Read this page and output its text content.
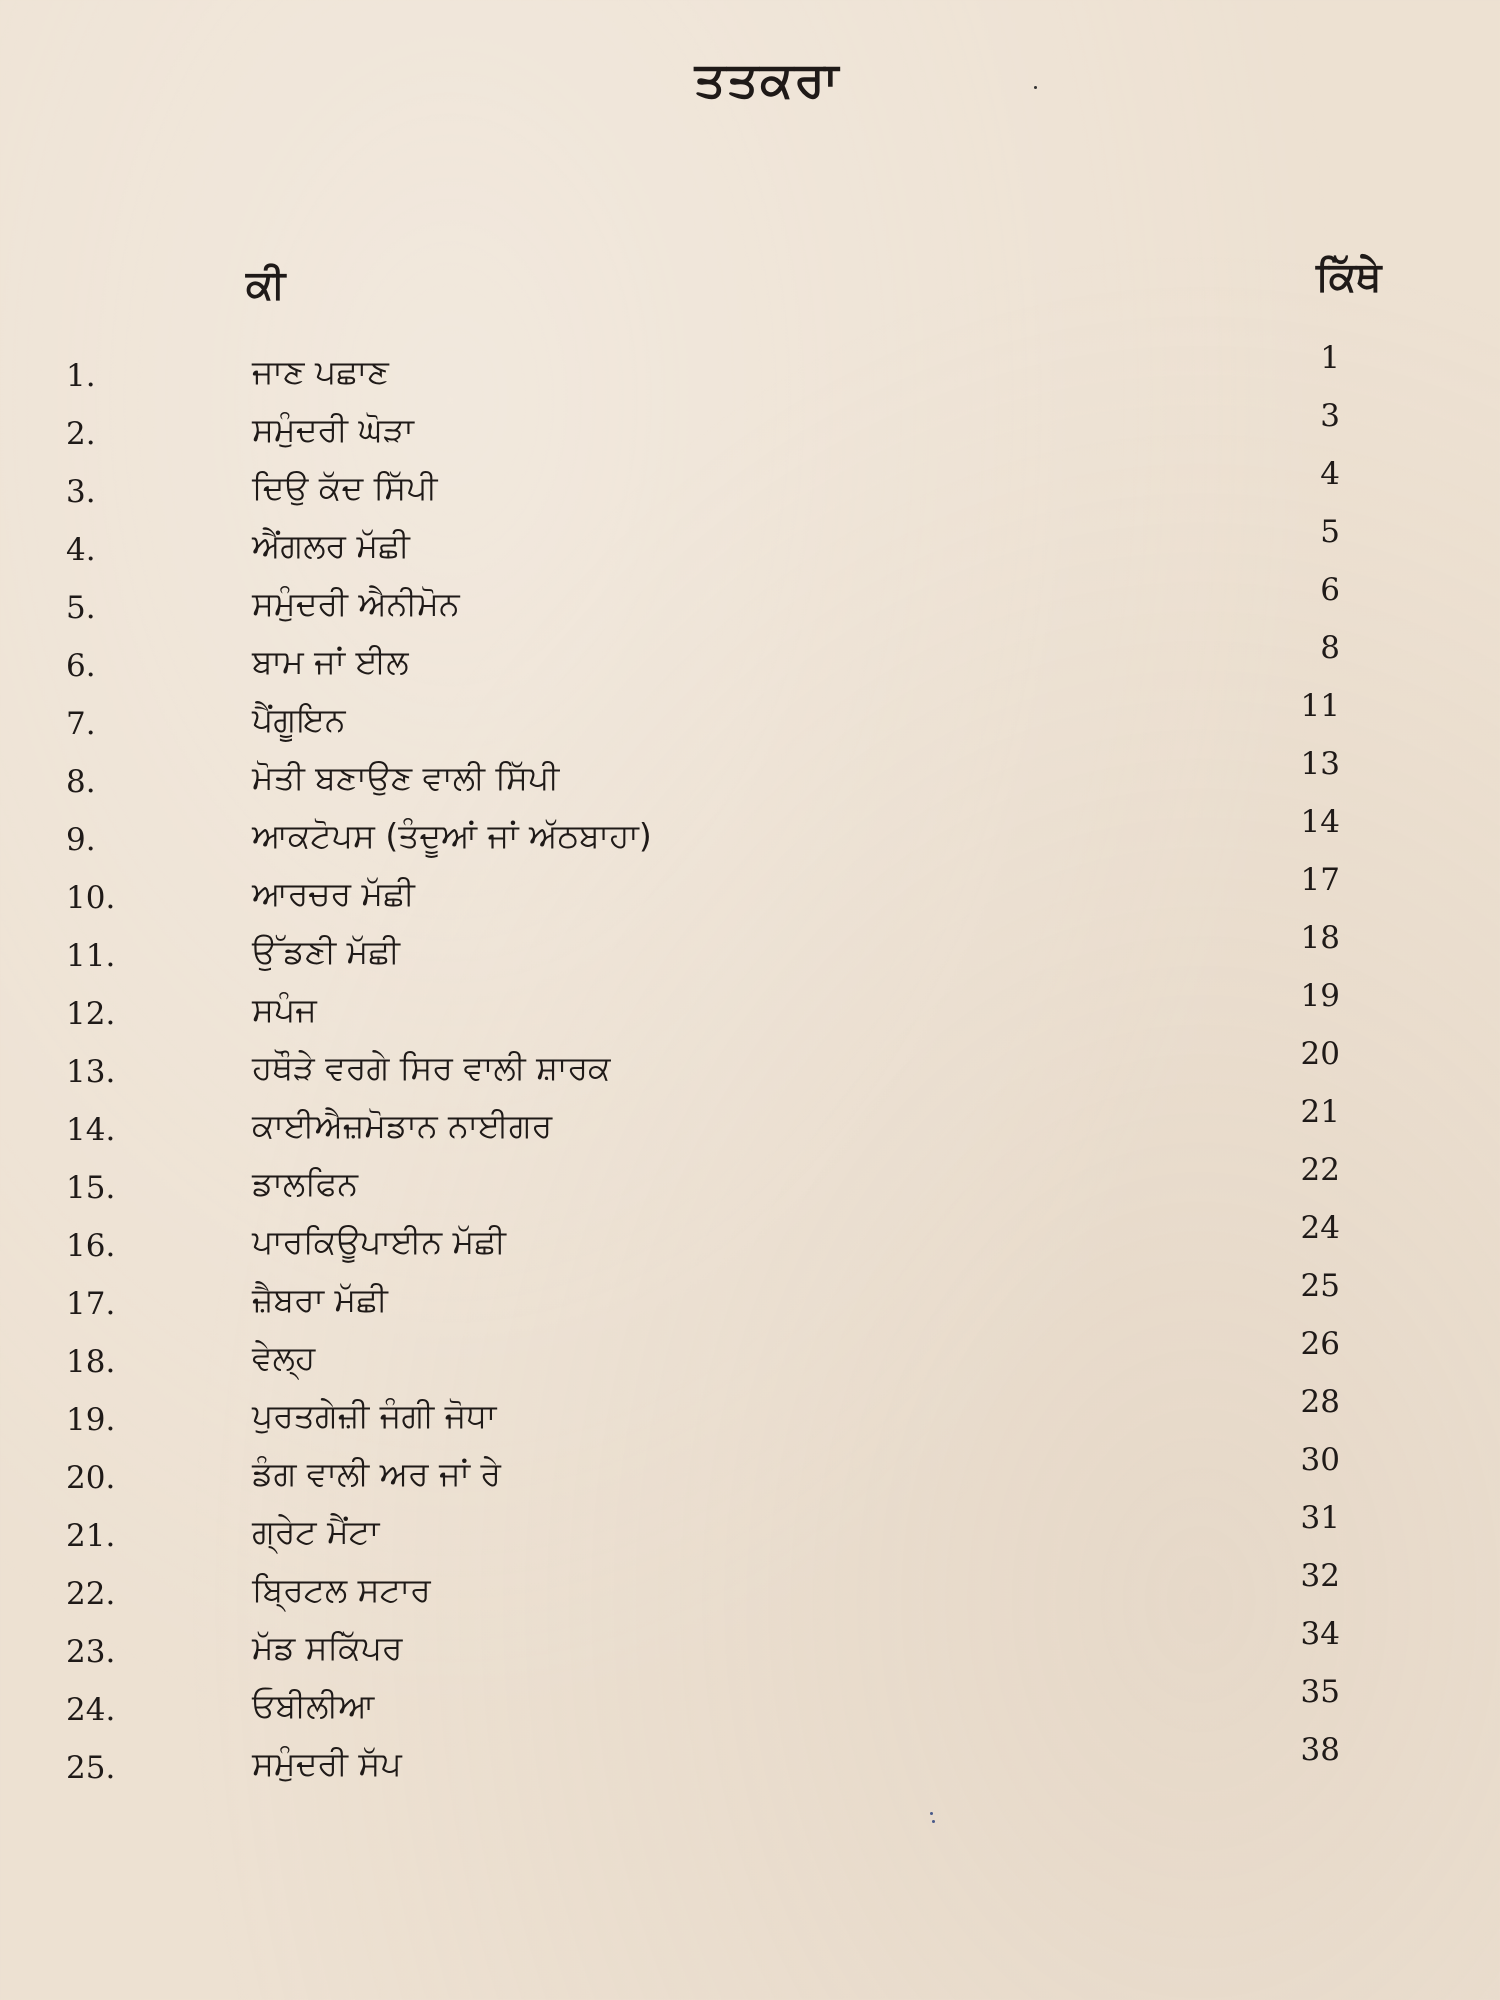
ਤਤਕਰਾ
ਕੀ	ਕਿੱਥੇ
1.	ਜਾਣ ਪਛਾਣ	1
2.	ਸਮੁੰਦਰੀ ਘੋੜਾ	3
3.	ਦਿਉ ਕੱਦ ਸਿੱਪੀ	4
4.	ਐਂਗਲਰ ਮੱਛੀ	5
5.	ਸਮੁੰਦਰੀ ਐਨੀਮੋਨ	6
6.	ਬਾਮ ਜਾਂ ਈਲ	8
7.	ਪੈਂਗੂਇਨ	11
8.	ਮੋਤੀ ਬਣਾਉਣ ਵਾਲੀ ਸਿੱਪੀ	13
9.	ਆਕਟੋਪਸ (ਤੰਦੂਆਂ ਜਾਂ ਅੱਠਬਾਹਾ)	14
10.	ਆਰਚਰ ਮੱਛੀ	17
11.	ਉੱਡਣੀ ਮੱਛੀ	18
12.	ਸਪੰਜ	19
13.	ਹਥੌੜੇ ਵਰਗੇ ਸਿਰ ਵਾਲੀ ਸ਼ਾਰਕ	20
14.	ਕਾਈਐਜ਼ਮੋਡਾਨ ਨਾਈਗਰ	21
15.	ਡਾਲਫਿਨ	22
16.	ਪਾਰਕਿਊਪਾਈਨ ਮੱਛੀ	24
17.	ਜ਼ੈਬਰਾ ਮੱਛੀ	25
18.	ਵੇਲ੍ਹ	26
19.	ਪੁਰਤਗੇਜ਼ੀ ਜੰਗੀ ਜੋਧਾ	28
20.	ਡੰਗ ਵਾਲੀ ਅਰ ਜਾਂ ਰੇ	30
21.	ਗ੍ਰੇਟ ਮੈਂਟਾ	31
22.	ਬ੍ਰਿਟਲ ਸਟਾਰ	32
23.	ਮੱਡ ਸਕਿੱਪਰ	34
24.	ਓਬੀਲੀਆ	35
25.	ਸਮੁੰਦਰੀ ਸੱਪ	38
